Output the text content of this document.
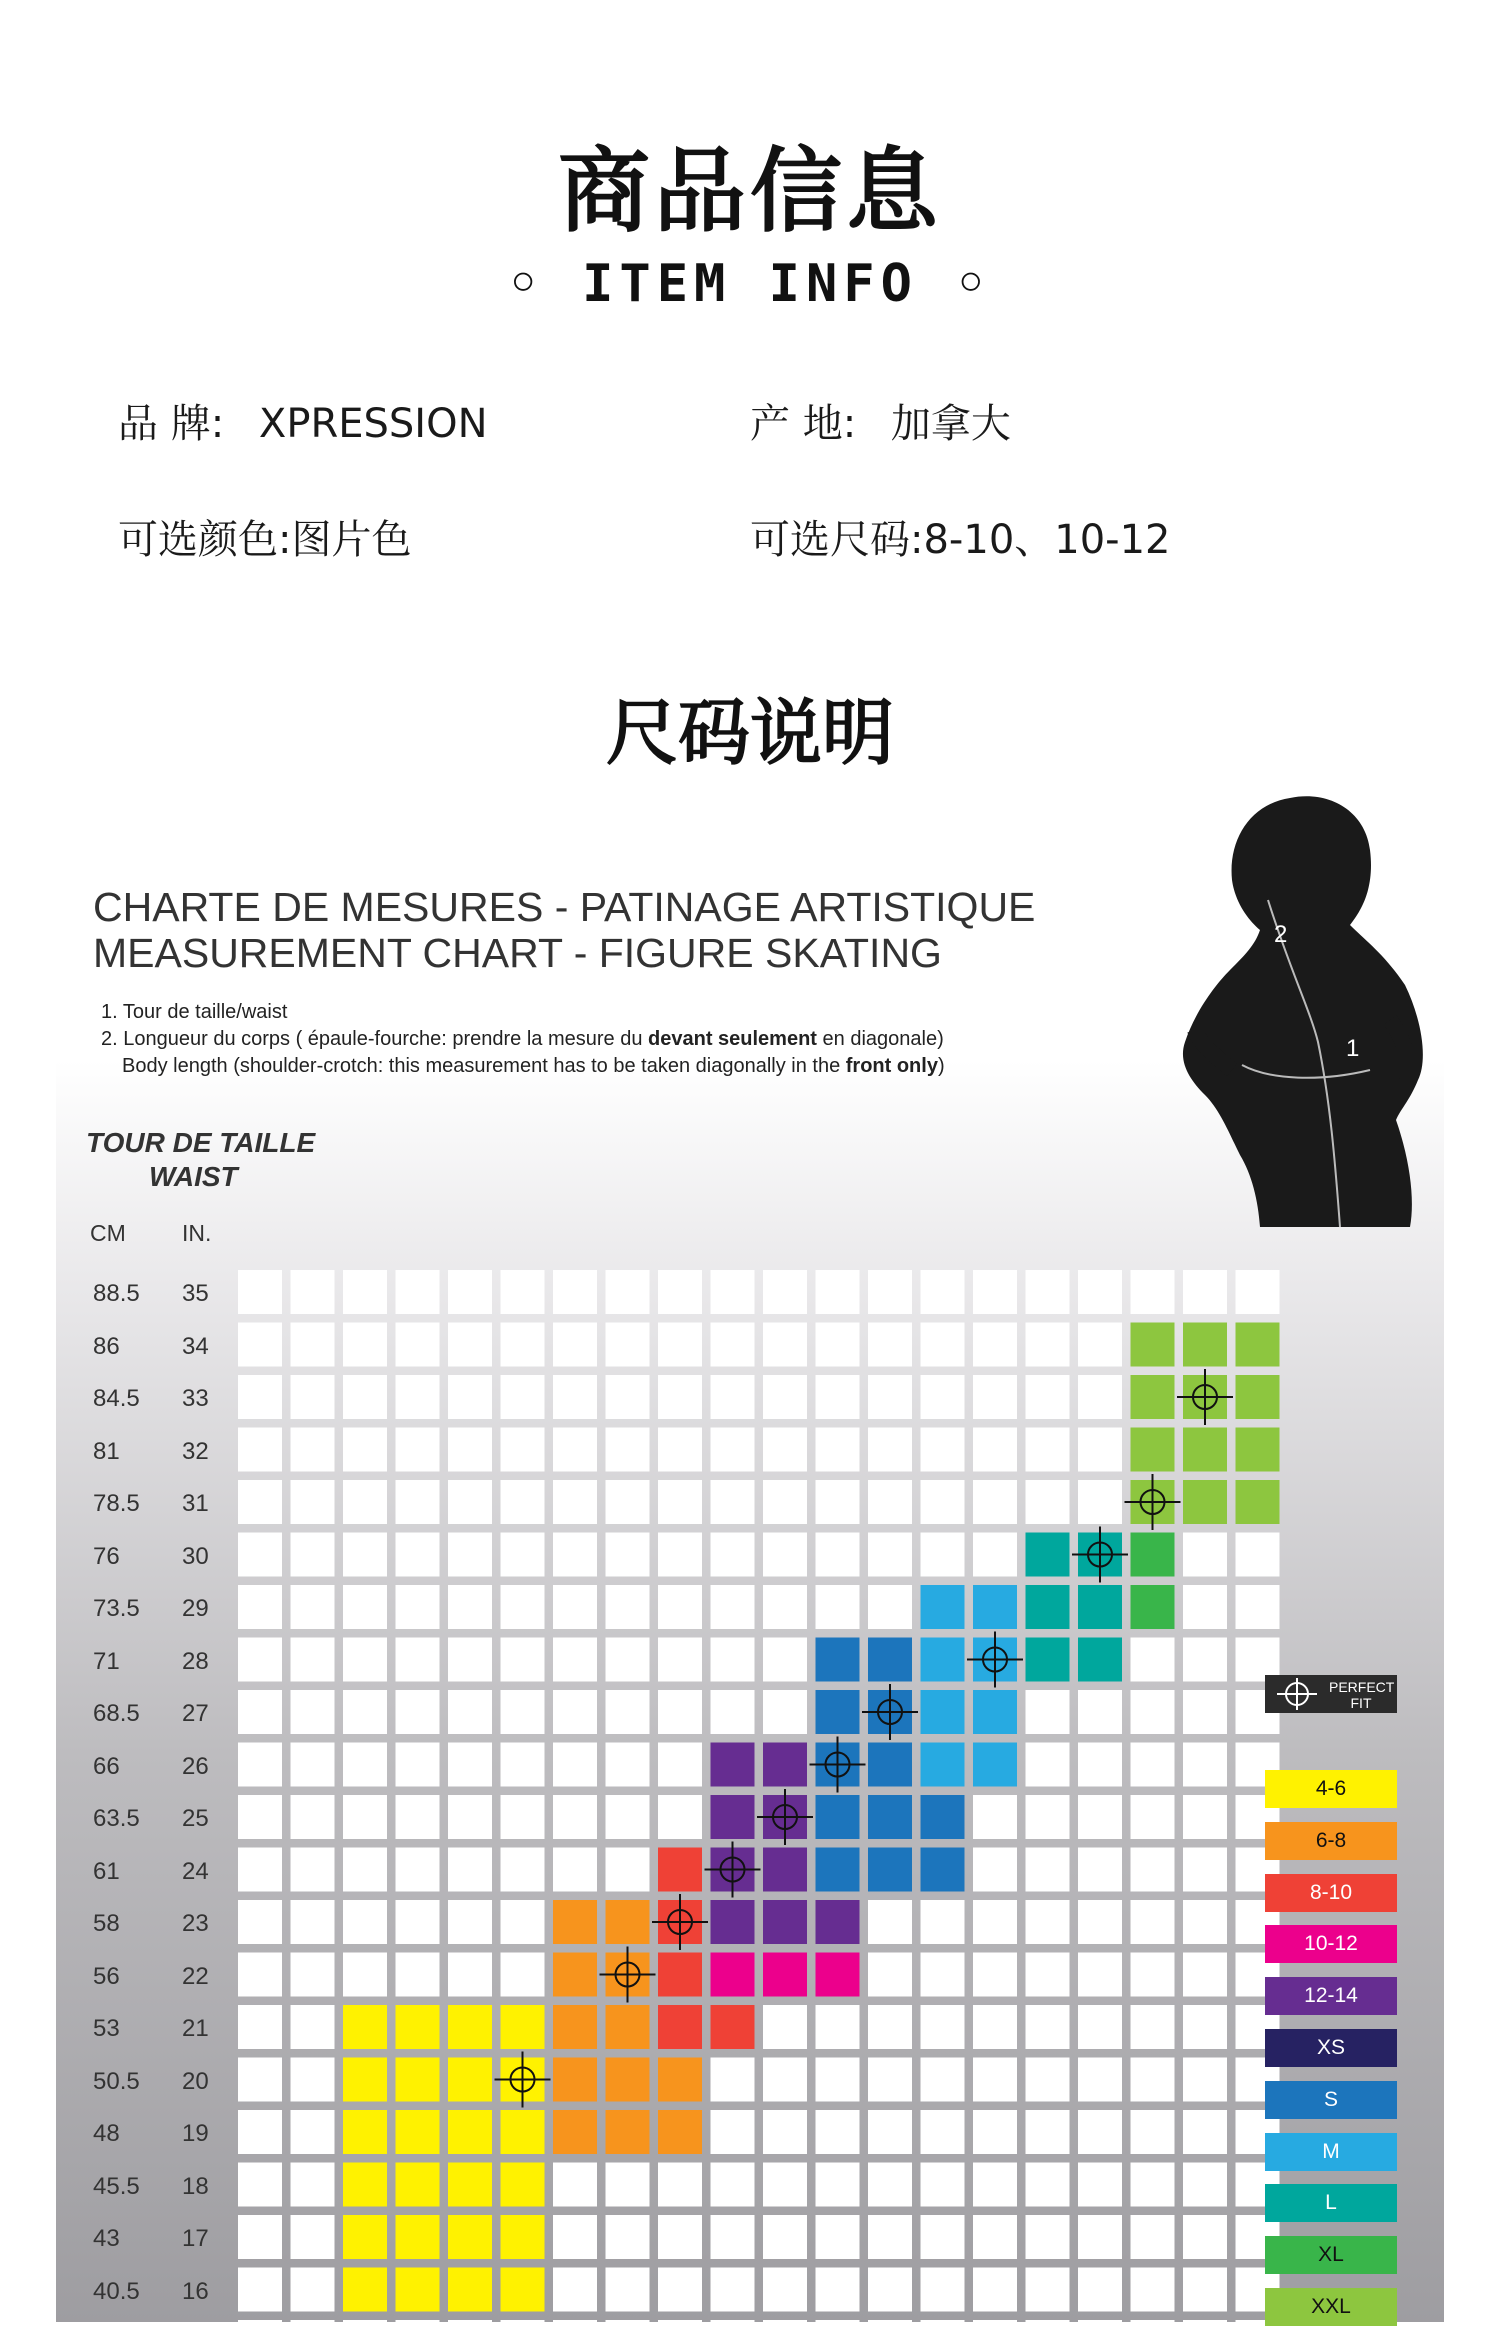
商品信息
◦ ITEM INFO ◦
品 牌: XPRESSION	产 地: 加拿大
可选颜色:图片色	可选尺码:8-10、10-12
尺码说明
2
1
CHARTE DE MESURES - PATINAGE ARTISTIQUE
MEASUREMENT CHART - FIGURE SKATING
1. Tour de taille/waist
2. Longueur du corps ( épaule-fourche: prendre la mesure du devant seulement en diagonale)
Body length (shoulder-crotch: this measurement has to be taken diagonally in the front only)
TOUR DE TAILLE
WAIST
CM IN.
88.5 35
86	34
84.5 33
81	32
78.5 31
76	30
73.5 29
71	28
68.5 27
66	26
63.5 25
61	24
58	23
56	22
53	21
50.5 20
48	19
45.5 18
43	17
40.5 16
PERFECT FIT
4-6
6-8
8-10
10-12
12-14
XS
S
M
L
XL
XXL
